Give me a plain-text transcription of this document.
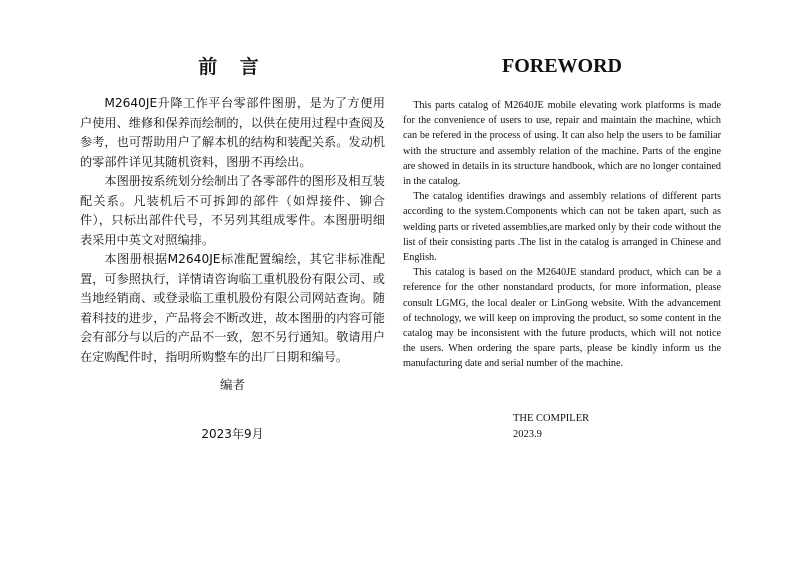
前 言

M2640JE升降工作平台零部件图册，是为了方便用户使用、维修和保养而绘制的，以供在使用过程中查阅及参考，也可帮助用户了解本机的结构和装配关系。发动机的零部件详见其随机资料，图册不再绘出。

本图册按系统划分绘制出了各零部件的图形及相互装配关系。凡装机后不可拆卸的部件（如焊接件、铆合件），只标出部件代号，不另列其组成零件。本图册明细表采用中英文对照编排。

本图册根据M2640JE标准配置编绘，其它非标准配置，可参照执行，详情请咨询临工重机股份有限公司、或当地经销商、或登录临工重机股份有限公司网站查询。随着科技的进步，产品将会不断改进，故本图册的内容可能会有部分与以后的产品不一致，恕不另行通知。敬请用户在定购配件时，指明所购整车的出厂日期和编号。

编者
2023年9月
FOREWORD

This parts catalog of M2640JE mobile elevating work platforms is made for the convenience of users to use, repair and maintain the machine, which can be refered in the process of using. It can also help the users to be familiar with the structure and assembly relation of the machine. Parts of the engine are showed in details in its structure handbook, which are no longer contained in the catalog.

The catalog identifies drawings and assembly relations of different parts according to the system.Components which can not be taken apart, such as welding parts or riveted assemblies,are marked only by their code without the list of their consisting parts .The list in the catalog is arranged in Chinese and English.

This catalog is based on the M2640JE standard product, which can be a reference for the other nonstandard products, for more information, please consult LGMG, the local dealer or LinGong website. With the advancement of technology, we will keep on improving the product, so some content in the catalog may be inconsistent with the future products, which will not notice the users. When ordering the spare parts, please be kindly inform us the manufacturing date and serial number of the machine.

THE COMPILER
2023.9
